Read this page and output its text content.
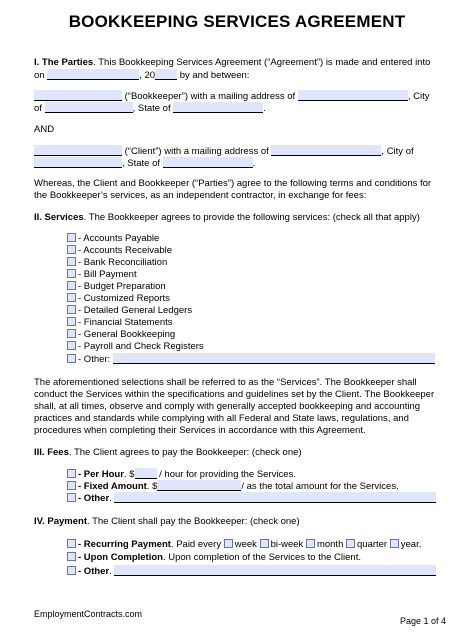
BOOKKEEPING SERVICES AGREEMENT
I. The Parties. This Bookkeeping Services Agreement (“Agreement”) is made and entered into
on	, 20	by and between:
(“Bookkeeper”) with a mailing address of	, City
of	, State of	.
AND
(“Client”) with a mailing address of	, City of
, State of	.
Whereas, the Client and Bookkeeper (“Parties”) agree to the following terms and conditions for the Bookkeeper’s services, as an independent contractor, in exchange for fees:
II. Services. The Bookkeeper agrees to provide the following services: (check all that apply)
- Accounts Payable
- Accounts Receivable
- Bank Reconciliation
- Bill Payment
- Budget Preparation
- Customized Reports
- Detailed General Ledgers
- Financial Statements
- General Bookkeeping
- Payroll and Check Registers
- Other:
The aforementioned selections shall be referred to as the “Services”. The Bookkeeper shall conduct the Services within the specifications and guidelines set by the Client. The Bookkeeper shall, at all times, observe and comply with generally accepted bookkeeping and accounting practices and standards while complying with all Federal and State laws, regulations, and procedures when completing their Services in accordance with this Agreement.
III. Fees. The Client agrees to pay the Bookkeeper: (check one)
- Per Hour. $	/ hour for providing the Services.
- Fixed Amount. $	/ as the total amount for the Services.
- Other.
IV. Payment. The Client shall pay the Bookkeeper: (check one)
- Recurring Payment. Paid every week bi-week month quarter year.
- Upon Completion. Upon completion of the Services to the Client.
- Other.
EmploymentContracts.com
Page 1 of 4
